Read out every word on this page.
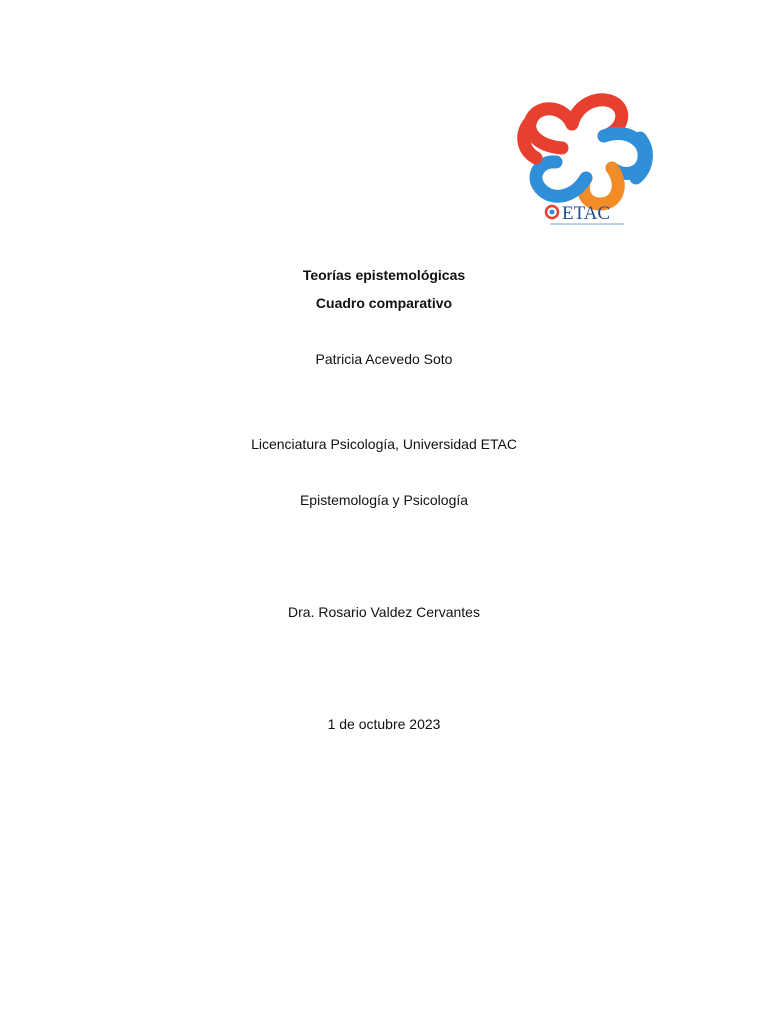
ETAC
Teorías epistemológicas
Cuadro comparativo
Patricia Acevedo Soto
Licenciatura Psicología, Universidad ETAC
Epistemología y Psicología
Dra. Rosario Valdez Cervantes
1 de octubre 2023
